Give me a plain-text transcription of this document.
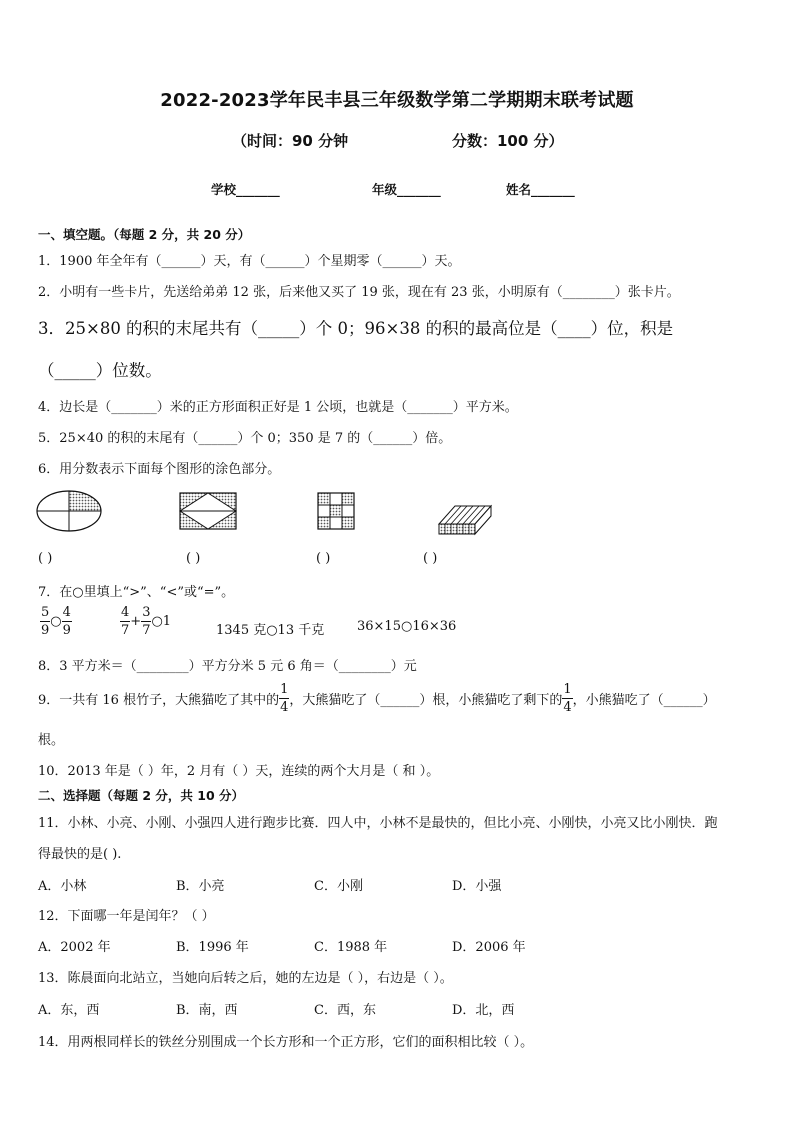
2022-2023学年民丰县三年级数学第二学期期末联考试题
（时间：90 分钟	分数：100 分）
学校_______	年级_______	姓名_______
一、填空题。（每题 2 分，共 20 分）
1．1900 年全年有（______）天，有（______）个星期零（______）天。
2．小明有一些卡片，先送给弟弟 12 张，后来他又买了 19 张，现在有 23 张，小明原有（________）张卡片。
3．25×80 的积的末尾共有（_____）个 0；96×38 的积的最高位是（____）位，积是
（_____）位数。
4．边长是（_______）米的正方形面积正好是 1 公顷，也就是（_______）平方米。
5．25×40 的积的末尾有（______）个 0；350 是 7 的（______）倍。
6．用分数表示下面每个图形的涂色部分。
( )	( )	( )	( )
7．在○里填上“>”、“<”或“=”。
$\frac{5}{9}$ ○ $\frac{4}{9}$	$\frac{4}{7} + \frac{3}{7}$ ○1
1345 克○13 千克	36×15○16×36
8．3 平方米＝（________）平方分米 5 元 6 角＝（________）元
9．一共有 16 根竹子，大熊猫吃了其中的 $\frac{1}{4}$ ，大熊猫吃了（______）根，小熊猫吃了剩下的 $\frac{1}{4}$ ，小熊猫吃了（______）
根。
10．2013 年是（ ）年，2 月有（ ）天，连续的两个大月是（ 和 ）。
二、选择题（每题 2 分，共 10 分）
11．小林、小亮、小刚、小强四人进行跑步比赛．四人中，小林不是最快的，但比小亮、小刚快，小亮又比小刚快．跑
得最快的是( ).
A．小林	B．小亮	C．小刚	D．小强
12．下面哪一年是闰年？（ ）
A．2002 年	B．1996 年	C．1988 年	D．2006 年
13．陈晨面向北站立，当她向后转之后，她的左边是（ ），右边是（ ）。
A．东，西	B．南，西	C．西，东	D．北，西
14．用两根同样长的铁丝分别围成一个长方形和一个正方形，它们的面积相比较（ ）。
